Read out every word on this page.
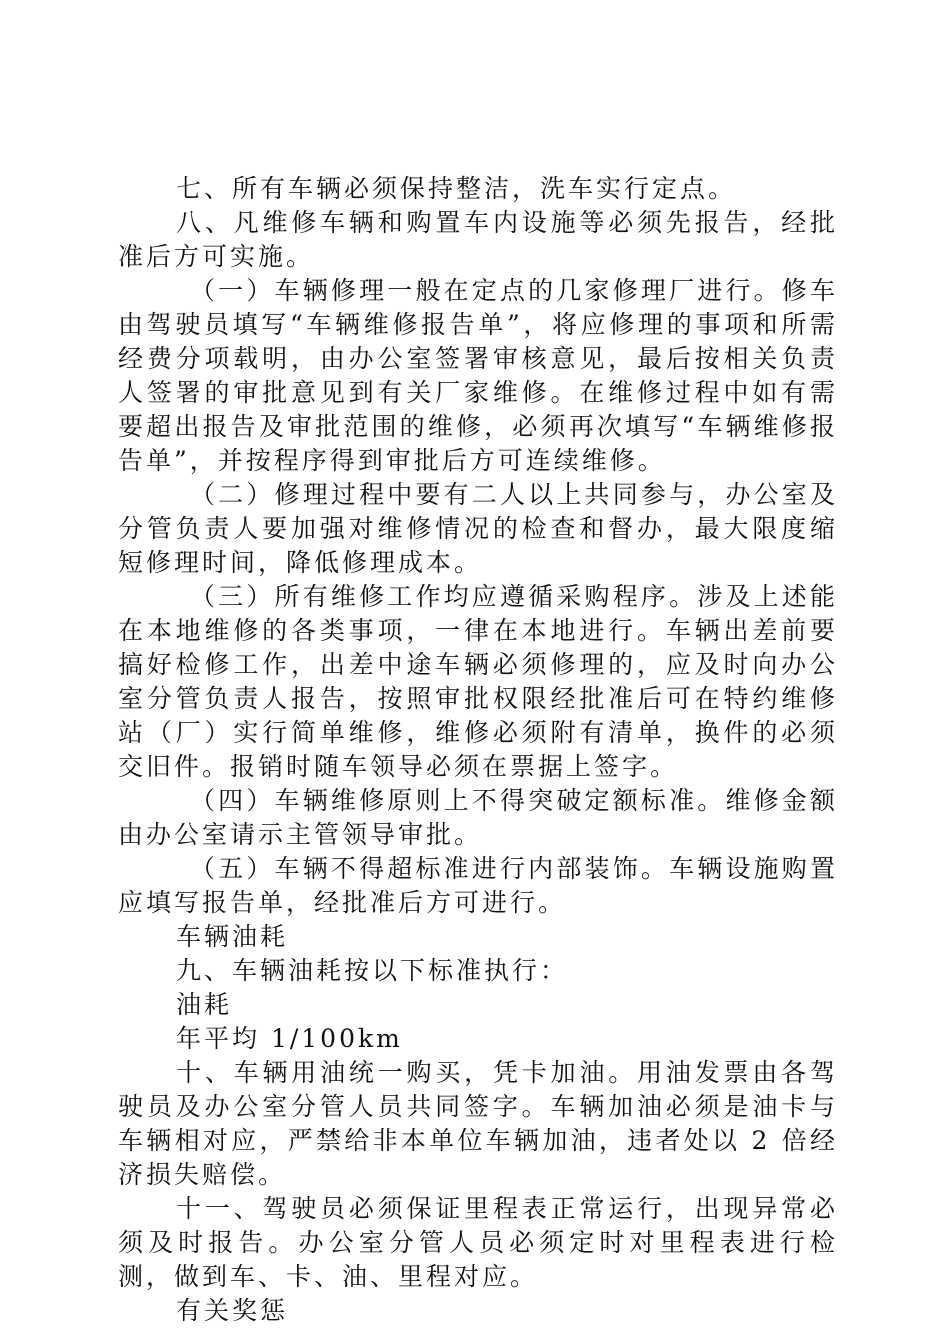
七、所有车辆必须保持整洁，洗车实行定点。

八、凡维修车辆和购置车内设施等必须先报告，经批准后方可实施。

（一）车辆修理一般在定点的几家修理厂进行。修车由驾驶员填写“车辆维修报告单”，将应修理的事项和所需经费分项载明，由办公室签署审核意见，最后按相关负责人签署的审批意见到有关厂家维修。在维修过程中如有需要超出报告及审批范围的维修，必须再次填写“车辆维修报告单”，并按程序得到审批后方可连续维修。

（二）修理过程中要有二人以上共同参与，办公室及分管负责人要加强对维修情况的检查和督办，最大限度缩短修理时间，降低修理成本。

（三）所有维修工作均应遵循采购程序。涉及上述能在本地维修的各类事项，一律在本地进行。车辆出差前要搞好检修工作，出差中途车辆必须修理的，应及时向办公室分管负责人报告，按照审批权限经批准后可在特约维修站（厂）实行简单维修，维修必须附有清单，换件的必须交旧件。报销时随车领导必须在票据上签字。

（四）车辆维修原则上不得突破定额标准。维修金额由办公室请示主管领导审批。

（五）车辆不得超标准进行内部装饰。车辆设施购置应填写报告单，经批准后方可进行。

车辆油耗

九、车辆油耗按以下标准执行：

油耗

年平均 1/100km

十、车辆用油统一购买，凭卡加油。用油发票由各驾驶员及办公室分管人员共同签字。车辆加油必须是油卡与车辆相对应，严禁给非本单位车辆加油，违者处以 2 倍经济损失赔偿。

十一、驾驶员必须保证里程表正常运行，出现异常必须及时报告。办公室分管人员必须定时对里程表进行检测，做到车、卡、油、里程对应。

有关奖惩
